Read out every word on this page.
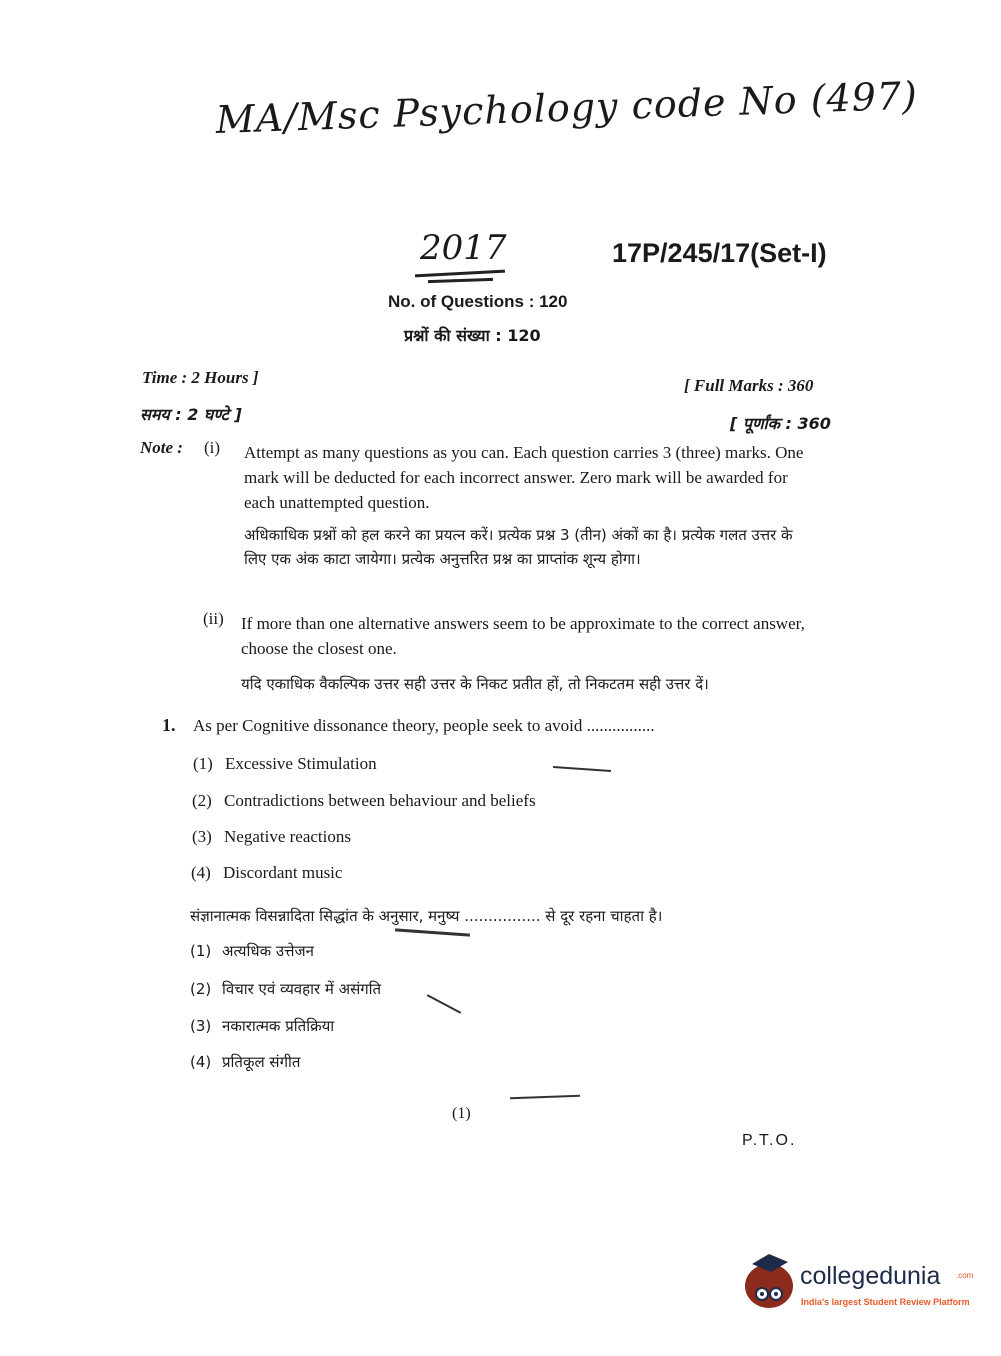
MA/Msc Psychology code No (497)
2017	17P/245/17(Set-I)
No. of Questions : 120
प्रश्नों की संख्या : 120
Time : 2 Hours ]	[ Full Marks : 360
समय : 2 घण्टे ]	[ पूर्णांक : 360
Note : (i) Attempt as many questions as you can. Each question carries 3 (three) marks. One mark will be deducted for each incorrect answer. Zero mark will be awarded for each unattempted question.
अधिकाधिक प्रश्नों को हल करने का प्रयत्न करें। प्रत्येक प्रश्न 3 (तीन) अंकों का है। प्रत्येक गलत उत्तर के लिए एक अंक काटा जायेगा। प्रत्येक अनुत्तरित प्रश्न का प्राप्तांक शून्य होगा।
(ii) If more than one alternative answers seem to be approximate to the correct answer, choose the closest one.
यदि एकाधिक वैकल्पिक उत्तर सही उत्तर के निकट प्रतीत हों, तो निकटतम सही उत्तर दें।
1. As per Cognitive dissonance theory, people seek to avoid ................
(1) Excessive Stimulation
(2) Contradictions between behaviour and beliefs
(3) Negative reactions
(4) Discordant music
संज्ञानात्मक विसन्नादिता सिद्धांत के अनुसार, मनुष्य ................ से दूर रहना चाहता है।
(1) अत्यधिक उत्तेजन
(2) विचार एवं व्यवहार में असंगति
(3) नकारात्मक प्रतिक्रिया
(4) प्रतिकूल संगीत
(1)
P.T.O.
collegedunia .com
India's largest Student Review Platform
